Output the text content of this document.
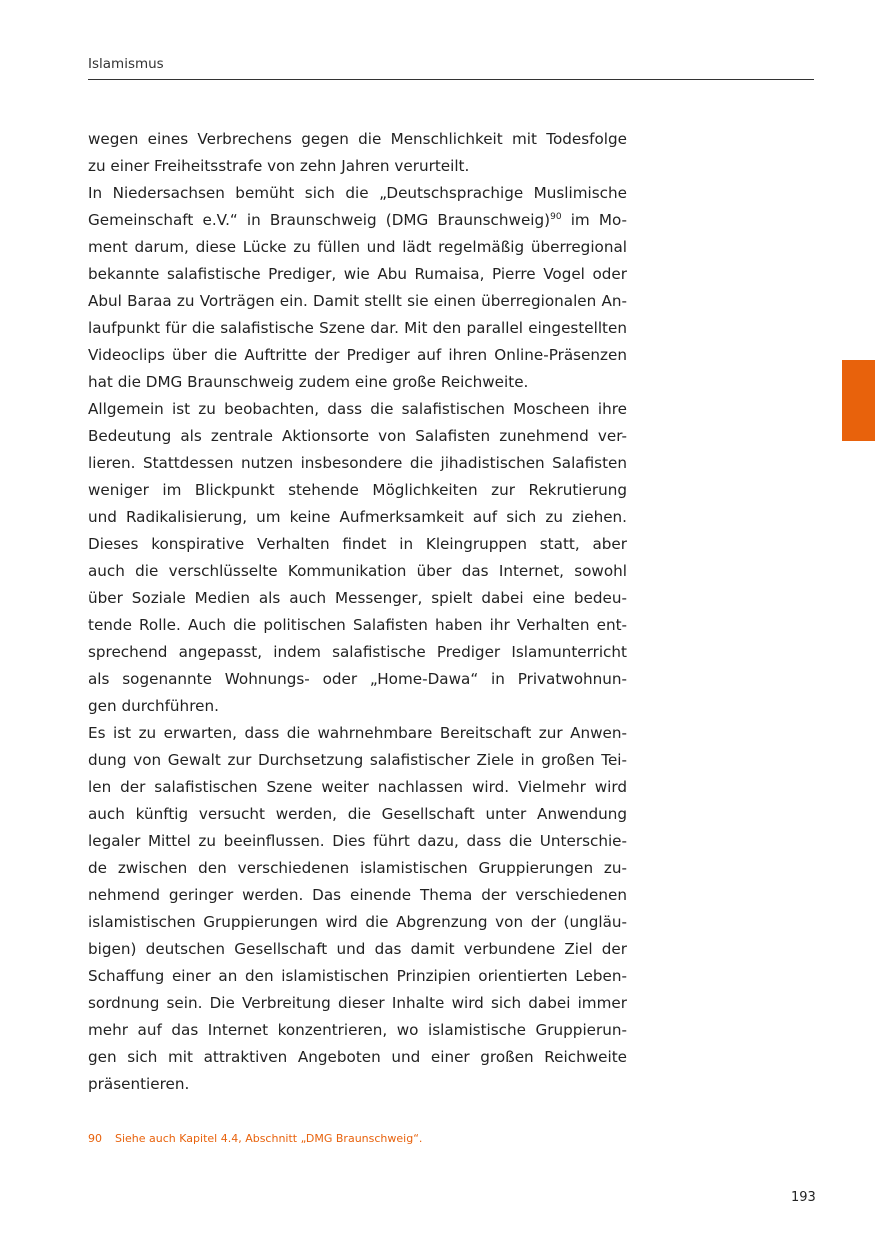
Islamismus
wegen eines Verbrechens gegen die Menschlichkeit mit Todesfolge
zu einer Freiheitsstrafe von zehn Jahren verurteilt.
In Niedersachsen bemüht sich die „Deutschsprachige Muslimische
Gemeinschaft e.V.“ in Braunschweig (DMG Braunschweig)$^{90}$ im Mo-
ment darum, diese Lücke zu füllen und lädt regelmäßig überregional
bekannte salafistische Prediger, wie Abu Rumaisa, Pierre Vogel oder
Abul Baraa zu Vorträgen ein. Damit stellt sie einen überregionalen An-
laufpunkt für die salafistische Szene dar. Mit den parallel eingestellten
Videoclips über die Auftritte der Prediger auf ihren Online-Präsenzen
hat die DMG Braunschweig zudem eine große Reichweite.
Allgemein ist zu beobachten, dass die salafistischen Moscheen ihre
Bedeutung als zentrale Aktionsorte von Salafisten zunehmend ver-
lieren. Stattdessen nutzen insbesondere die jihadistischen Salafisten
weniger im Blickpunkt stehende Möglichkeiten zur Rekrutierung
und Radikalisierung, um keine Aufmerksamkeit auf sich zu ziehen.
Dieses konspirative Verhalten findet in Kleingruppen statt, aber
auch die verschlüsselte Kommunikation über das Internet, sowohl
über Soziale Medien als auch Messenger, spielt dabei eine bedeu-
tende Rolle. Auch die politischen Salafisten haben ihr Verhalten ent-
sprechend angepasst, indem salafistische Prediger Islamunterricht
als sogenannte Wohnungs- oder „Home-Dawa“ in Privatwohnun-
gen durchführen.
Es ist zu erwarten, dass die wahrnehmbare Bereitschaft zur Anwen-
dung von Gewalt zur Durchsetzung salafistischer Ziele in großen Tei-
len der salafistischen Szene weiter nachlassen wird. Vielmehr wird
auch künftig versucht werden, die Gesellschaft unter Anwendung
legaler Mittel zu beeinflussen. Dies führt dazu, dass die Unterschie-
de zwischen den verschiedenen islamistischen Gruppierungen zu-
nehmend geringer werden. Das einende Thema der verschiedenen
islamistischen Gruppierungen wird die Abgrenzung von der (ungläu-
bigen) deutschen Gesellschaft und das damit verbundene Ziel der
Schaffung einer an den islamistischen Prinzipien orientierten Leben-
sordnung sein. Die Verbreitung dieser Inhalte wird sich dabei immer
mehr auf das Internet konzentrieren, wo islamistische Gruppierun-
gen sich mit attraktiven Angeboten und einer großen Reichweite
präsentieren.
90 Siehe auch Kapitel 4.4, Abschnitt „DMG Braunschweig“.
193
